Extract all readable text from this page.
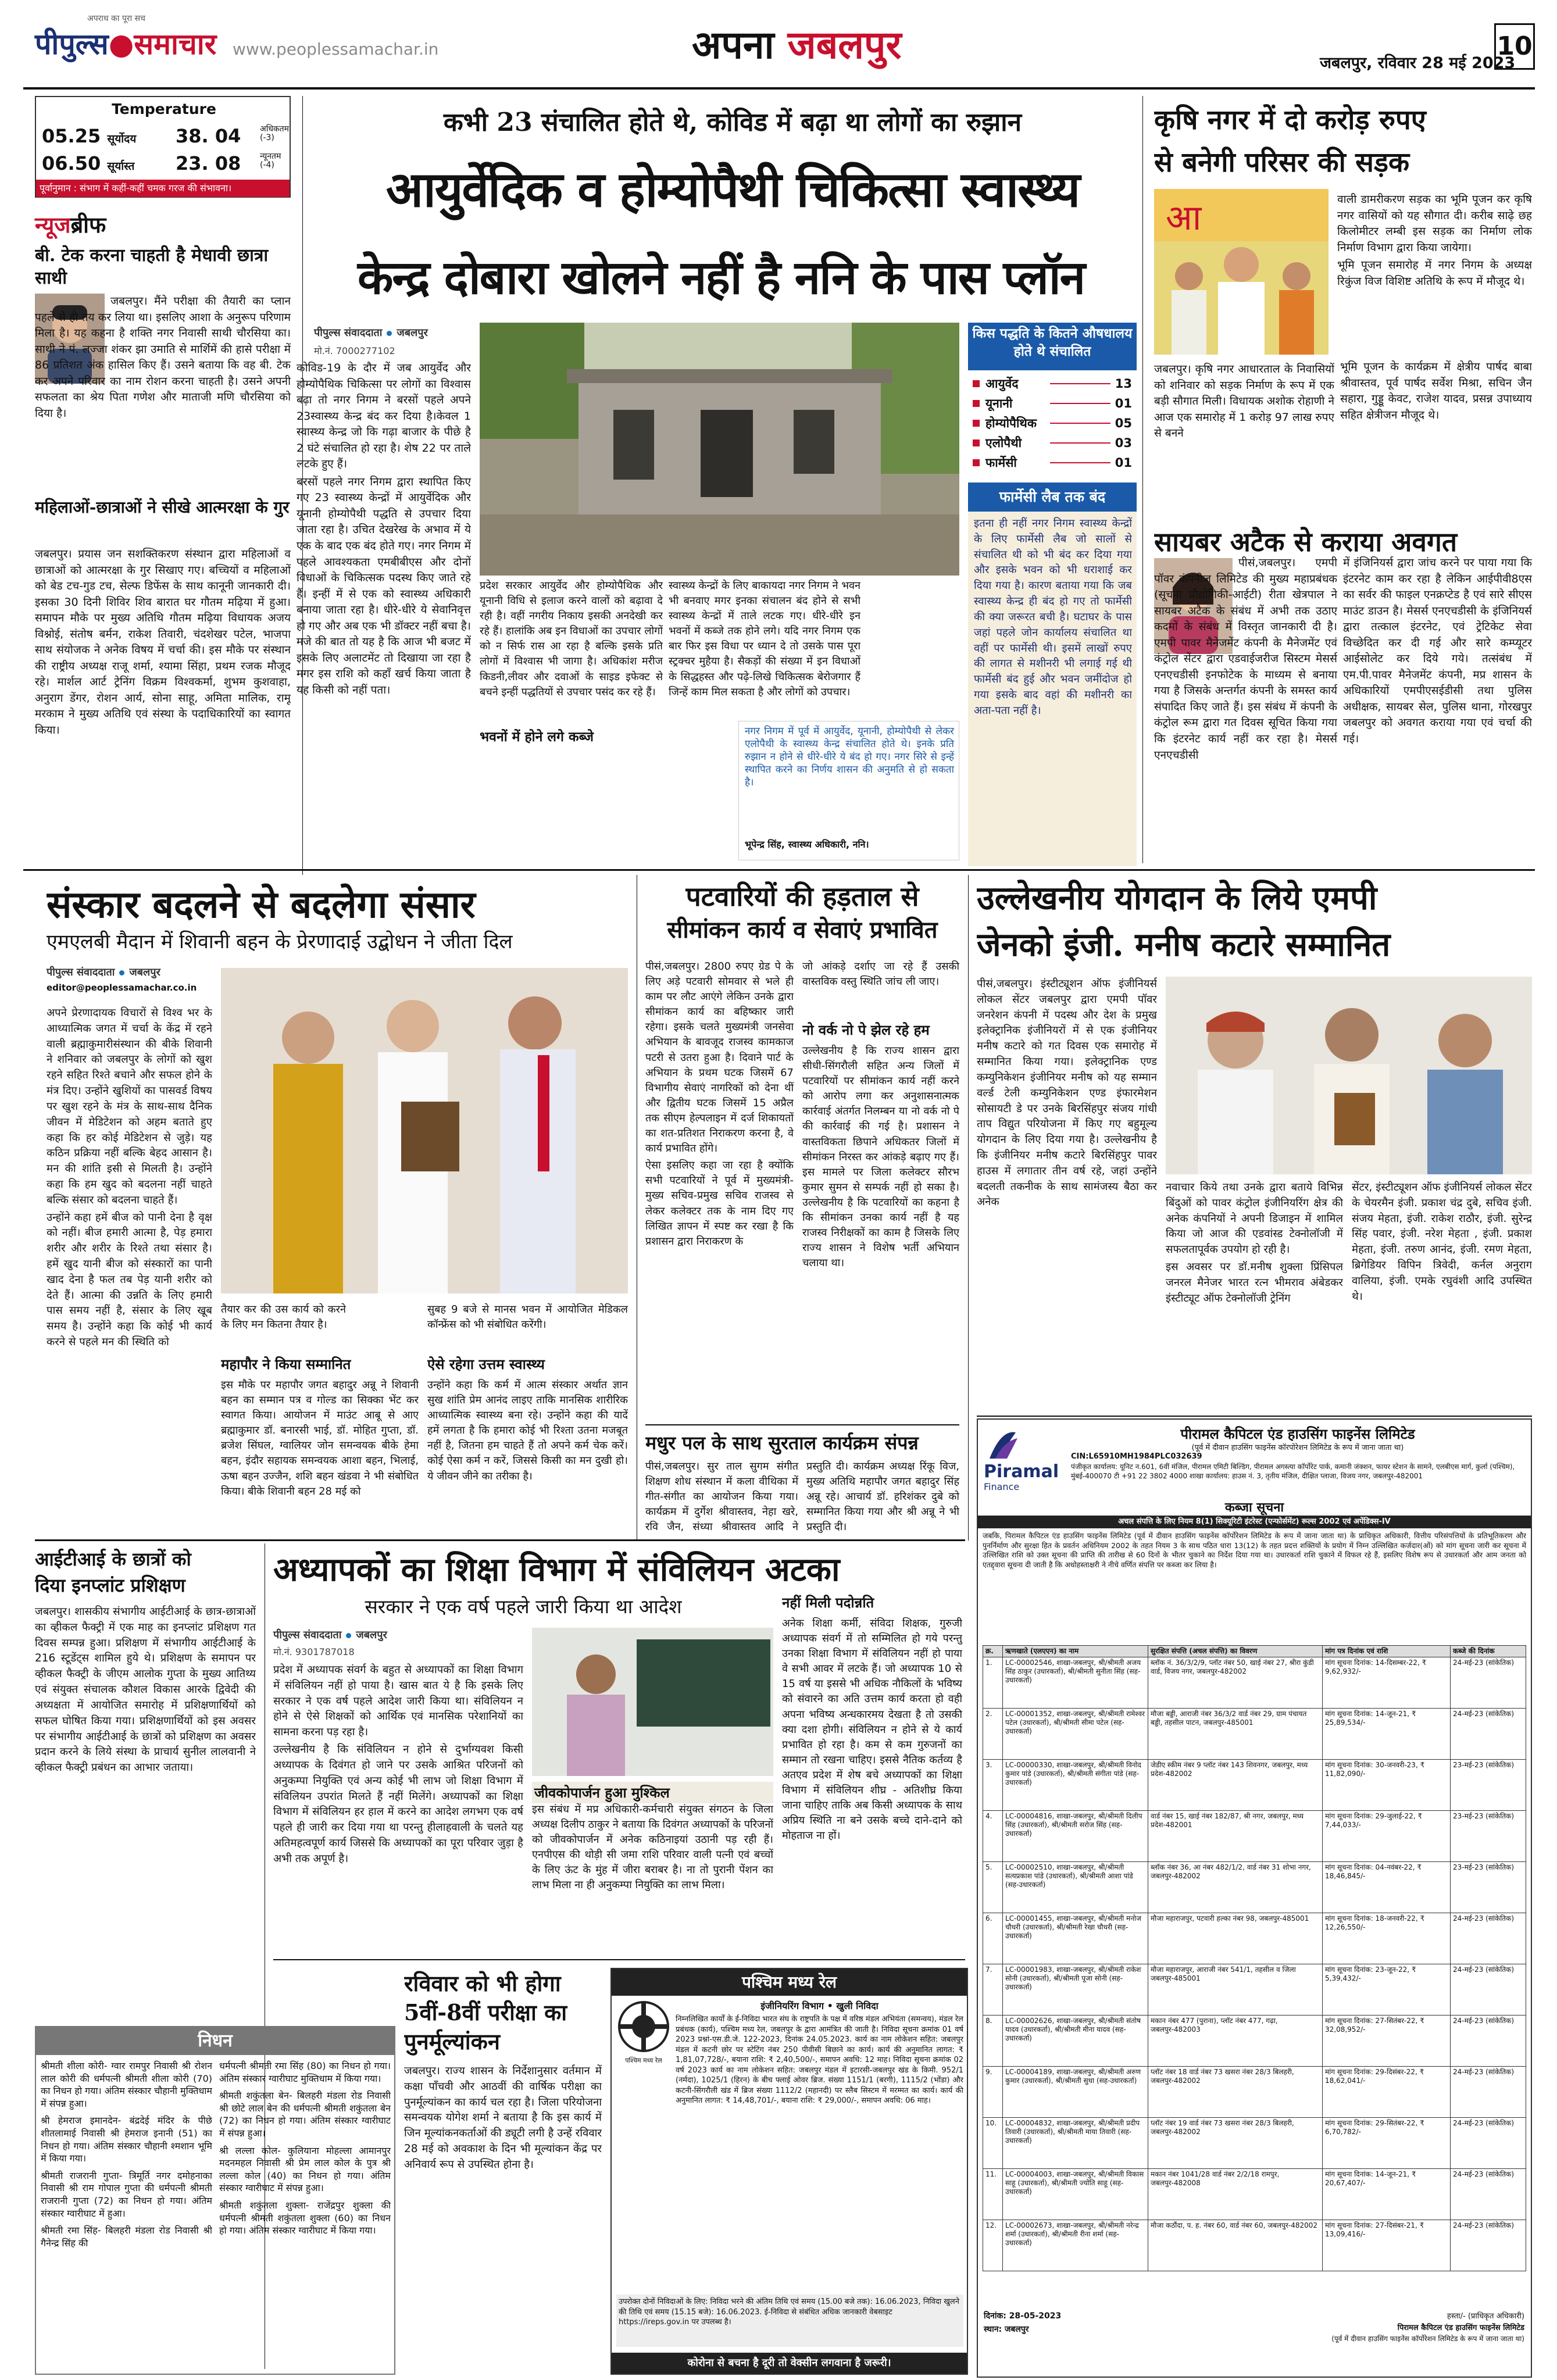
पीपुल्स●समाचार
अपराध का पूरा सच
www.peoplessamachar.in	अपना जबलपुर	जबलपुर, रविवार 28 मई 2023
10
Temperature
05.25 सूर्योदय
06.50 सूर्यास्त
38. 04 अधिकतम
(-3)
23. 08 न्यूनतम
(-4)
पूर्वानुमान : संभाग में कहीं-कहीं चमक गरज की संभावना।
न्यूजब्रीफ
बी. टेक करना चाहती है मेधावी छात्रा साथी

जबलपुर। मैंने परीक्षा की तैयारी का प्लान पहले से ही तय कर लिया था। इसलिए आशा के अनुरूप परिणाम मिला है। यह कहना है शक्ति नगर निवासी साथी चौरसिया का। साथी ने पं. लज्जा शंकर झा उमाति से मार्शिमें की हासे परीक्षा में 86 प्रतिशत अंक हासिल किए हैं। उसने बताया कि वह बी. टेक कर अपने परिवार का नाम रोशन करना चाहती है। उसने अपनी सफलता का श्रेय पिता गणेश और माताजी मणि चौरसिया को दिया है।

महिलाओं-छात्राओं ने सीखे आत्मरक्षा के गुर

जबलपुर। प्रयास जन सशक्तिकरण संस्थान द्वारा महिलाओं व छात्राओं को आत्मरक्षा के गुर सिखाए गए। बच्चियों व महिलाओं को बेड टच-गुड टच, सेल्फ डिफेंस के साथ कानूनी जानकारी दी। इसका 30 दिनी शिविर शिव बारात घर गौतम मढ़िया में हुआ। समापन मौके पर मुख्य अतिथि गौतम मढ़िया विधायक अजय विश्नोई, संतोष बर्मन, राकेश तिवारी, चंदशेखर पटेल, भाजपा साथ संयोजक ने अनेक विषय में चर्चा की। इस मौके पर संस्थान की राष्ट्रीय अध्यक्ष राजू शर्मा, श्यामा सिंहा, प्रथम रजक मौजूद रहे। मार्शल आर्ट ट्रेनिंग विक्रम विश्वकर्मा, शुभम कुशवाहा, अनुराग डेंगर, रोशन आर्य, सोना साहू, अमिता मालिक, रामू मरकाम ने मुख्य अतिथि एवं संस्था के पदाधिकारियों का स्वागत किया।

कभी 23 संचालित होते थे, कोविड में बढ़ा था लोगों का रुझान
आयुर्वेदिक व होम्योपैथी चिकित्सा स्वास्थ्य
केन्द्र दोबारा खोलने नहीं है ननि के पास प्लॉन
पीपुल्स संवाददाता जबलपुर
मो.नं. 7000277102

कोविड-19 के दौर में जब आयुर्वेद और होम्योपैथिक चिकित्सा पर लोगों का विश्वास बढ़ा तो नगर निगम ने बरसों पहले अपने 23स्वास्थ्य केन्द्र बंद कर दिया है।केवल 1 स्वास्थ्य केन्द्र जो कि गढ़ा बाजार के पीछे है 2 घंटे संचालित हो रहा है। शेष 22 पर ताले लटके हुए हैं।

बरसों पहले नगर निगम द्वारा स्थापित किए गए 23 स्वास्थ्य केन्द्रों में आयुर्वेदिक और यूनानी होम्योपैथी पद्धति से उपचार दिया जाता रहा है। उचित देखरेख के अभाव में ये एक के बाद एक बंद होते गए। नगर निगम में पहले आवश्यकता एमबीबीएस और दोनों विधाओं के चिकित्सक पदस्थ किए जाते रहे हैं। इन्हीं में से एक को स्वास्थ्य अधिकारी बनाया जाता रहा है। धीरे-धीरे ये सेवानिवृत्त हो गए और अब एक भी डॉक्टर नहीं बचा है। मजे की बात तो यह है कि आज भी बजट में इसके लिए अलाटमेंट तो दिखाया जा रहा है मगर इस राशि को कहाँ खर्च किया जाता है यह किसी को नहीं पता।

प्रदेश सरकार आयुर्वेद और होम्योपैथिक और यूनानी विधि से इलाज करने वालों को बढ़ावा दे रही है। वहीं नगरीय निकाय इसकी अनदेखी कर रहे हैं। हालांकि अब इन विधाओं का उपचार लोगों को न सिर्फ रास आ रहा है बल्कि इसके प्रति लोगों में विश्वास भी जागा है। अधिकांश मरीज किडनी,लीवर और दवाओं के साइड इफेक्ट से बचने इन्हीं पद्धतियों से उपचार पसंद कर रहे हैं।

भवनों में होने लगे कब्जे

स्वास्थ्य केन्द्रों के लिए बाकायदा नगर निगम ने भवन भी बनवाए मगर इनका संचालन बंद होने से सभी स्वास्थ्य केन्द्रों में ताले लटक गए। धीरे-धीरे इन भवनों में कब्जे तक होने लगे। यदि नगर निगम एक बार फिर इस विधा पर ध्यान दे तो उसके पास पूरा स्ट्रक्चर मुहैया है। सैकड़ों की संख्या में इन विधाओं के सिद्धहस्त और पढ़े-लिखे चिकित्सक बेरोजगार हैं जिन्हें काम मिल सकता है और लोगों को उपचार।

नगर निगम में पूर्व में आयुर्वेद, यूनानी, होम्योपैथी से लेकर एलोपैथी के स्वास्थ्य केन्द्र संचालित होते थे। इनके प्रति रुझान न होने से धीरे-धीरे ये बंद हो गए। नगर सिरे से इन्हें स्थापित करने का निर्णय शासन की अनुमति से हो सकता है।
भूपेन्द्र सिंह, स्वास्थ्य अधिकारी, ननि।
किस पद्धति के कितने औषधालय होते थे संचालित
आयुर्वेद	13
यूनानी	01
होम्योपैथिक	05
एलोपैथी	03
फार्मेसी	01
फार्मेसी लैब तक बंद

इतना ही नहीं नगर निगम स्वास्थ्य केन्द्रों के लिए फार्मेसी लैब जो सालों से संचालित थी को भी बंद कर दिया गया और इसके भवन को भी धराशाई कर दिया गया है। कारण बताया गया कि जब स्वास्थ्य केन्द्र ही बंद हो गए तो फार्मेसी की क्या जरूरत बची है। घटाघर के पास जहां पहले जोन कार्यालय संचालित था वहीं पर फार्मेसी थी। इसमें लाखों रुपए की लागत से मशीनरी भी लगाई गई थी फार्मेसी बंद हुई और भवन जमींदोज हो गया इसके बाद वहां की मशीनरी का अता-पता नहीं है।

कृषि नगर में दो करोड़ रुपए
से बनेगी परिसर की सड़क
आ	वाली डामरीकरण सड़क का भूमि पूजन कर कृषि नगर वासियों को यह सौगात दी। करीब साढ़े छह किलोमीटर लम्बी इस सड़क का निर्माण लोक निर्माण विभाग द्वारा किया जायेगा।

भूमि पूजन समारोह में नगर निगम के अध्यक्ष रिकुंज विज विशिष्ट अतिथि के रूप में मौजूद थे।

जबलपुर। कृषि नगर आधारताल के निवासियों को शनिवार को सड़क निर्माण के रूप में एक बड़ी सौगात मिली। विधायक अशोक रोहाणी ने आज एक समारोह में 1 करोड़ 97 लाख रुपए से बनने

भूमि पूजन के कार्यक्रम में क्षेत्रीय पार्षद बाबा श्रीवास्तव, पूर्व पार्षद सर्वेश मिश्रा, सचिन जैन सहारा, गुड्डू केवट, राजेश यादव, प्रसन्न उपाध्याय सहित क्षेत्रीजन मौजूद थे।

सायबर अटैक से कराया अवगत

पीसं,जबलपुर। एमपी पॉवर कंपनीज लिमिटेड की मुख्य महाप्रबंधक (सूचना प्रौद्योगिकी-आईटी) रीता खेत्रपाल ने सायबर अटैक के संबंध में अभी तक उठाए कदमों के संबंध में विस्तृत जानकारी दी है। एमपी पावर मैनेजमेंट कंपनी के मैनेजमेंट एवं कंट्रोल सेंटर द्वारा एडवाईजरीज सिस्टम मेसर्स एनएचडीसी इनफोटेक के माध्यम से बनाया गया है जिसके अन्तर्गत कंपनी के समस्त कार्य संपादित किए जाते हैं। इस संबंध में कंपनी के कंट्रोल रूम द्वारा गत दिवस सूचित किया गया कि इंटरनेट कार्य नहीं कर रहा है। मेसर्स एनएचडीसी

में इंजिनियर्स द्वारा जांच करने पर पाया गया कि इंटरनेट काम कर रहा है लेकिन आईपीवी8एस का सर्वर की फाइल एनक्रप्टेड है एवं सारे सीएस माउंट डाउन है। मेसर्स एनएचडीसी के इंजिनियर्स द्वारा तत्काल इंटरनेट, एवं ट्रेटिकेट सेवा विच्छेदित कर दी गई और सारे कम्प्यूटर आईसोलेट कर दिये गये। तत्संबंध में एम.पी.पावर मैनेजमेंट कंपनी, मप्र शासन के अधिकारियों एमपीएसईडीसी तथा पुलिस अधीक्षक, सायबर सेल, पुलिस थाना, गोरखपुर जबलपुर को अवगत कराया गया एवं चर्चा की गई।

संस्कार बदलने से बदलेगा संसार
एमएलबी मैदान में शिवानी बहन के प्रेरणादाई उद्बोधन ने जीता दिल
पीपुल्स संवाददाता जबलपुर
editor@peoplessamachar.co.in

अपने प्रेरणादायक विचारों से विश्व भर के आध्यात्मिक जगत में चर्चा के केंद्र में रहने वाली ब्रह्माकुमारीसंस्थान की बीके शिवानी ने शनिवार को जबलपुर के लोगों को खुश रहने सहित रिश्ते बचाने और सफल होने के मंत्र दिए। उन्होंने खुशियों का पासवर्ड विषय पर खुश रहने के मंत्र के साथ-साथ दैनिक जीवन में मेडिटेशन को अहम बताते हुए कहा कि हर कोई मेडिटेशन से जुड़े। यह कठिन प्रक्रिया नहीं बल्कि बेहद आसान है। मन की शांति इसी से मिलती है। उन्होंने कहा कि हम खुद को बदलना नहीं चाहते बल्कि संसार को बदलना चाहते हैं।

उन्होंने कहा हमें बीज को पानी देना है वृक्ष को नहीं। बीज हमारी आत्मा है, पेड़ हमारा शरीर और शरीर के रिश्ते तथा संसार है। हमें खुद यानी बीज को संस्कारों का पानी खाद देना है फल तब पेड़ यानी शरीर को देते हैं। आत्मा की उन्नति के लिए हमारी पास समय नहीं है, संसार के लिए खूब समय है। उन्होंने कहा कि कोई भी कार्य करने से पहले मन की स्थिति को

तैयार कर की उस कार्य को करने के लिए मन कितना तैयार है।

महापौर ने किया सम्मानित

इस मौके पर महापौर जगत बहादुर अन्नू ने शिवानी बहन का सम्मान पत्र व गोल्ड का सिक्का भेंट कर स्वागत किया। आयोजन में माउंट आबू से आए ब्रह्माकुमार डॉ. बनारसी भाई, डॉ. मोहित गुप्ता, डॉ. ब्रजेश सिंघल, ग्वालियर जोन समन्वयक बीके हेमा बहन, इंदौर सहायक समन्वयक आशा बहन, भिलाई, ऊषा बहन उज्जैन, शशि बहन खंडवा ने भी संबोधित किया। बीके शिवानी बहन 28 मई को

सुबह 9 बजे से मानस भवन में आयोजित मेडिकल कॉन्फ्रेंस को भी संबोधित करेंगी।

ऐसे रहेगा उत्तम स्वास्थ्य

उन्होंने कहा कि कर्म में आत्म संस्कार अर्थात ज्ञान सुख शांति प्रेम आनंद लाइए ताकि मानसिक शारीरिक आध्यात्मिक स्वास्थ्य बना रहे। उन्होंने कहा की यादें हमें लगता है कि हमारा कोई भी रिश्ता उतना मजबूत नहीं है, जितना हम चाहते हैं तो अपने कर्म चेक करें। कोई ऐसा कर्म न करें, जिससे किसी का मन दुखी हो। ये जीवन जीने का तरीका है।

पटवारियों की हड़ताल से
सीमांकन कार्य व सेवाएं प्रभावित

पीसं,जबलपुर। 2800 रुपए ग्रेड पे के लिए अड़े पटवारी सोमवार से भले ही काम पर लौट आएंगे लेकिन उनके द्वारा सीमांकन कार्य का बहिष्कार जारी रहेगा। इसके चलते मुख्यमंत्री जनसेवा अभियान के बावजूद राजस्व कामकाज पटरी से उतरा हुआ है। दिवाने पार्ट के अभियान के प्रथम घटक जिसमें 67 विभागीय सेवाएं नागरिकों को देना थीं और द्वितीय घटक जिसमें 15 अप्रैल तक सीएम हेल्पलाइन में दर्ज शिकायतों का शत-प्रतिशत निराकरण करना है, वे कार्य प्रभावित होंगे।

ऐसा इसलिए कहा जा रहा है क्योंकि सभी पटवारियों ने पूर्व में मुख्यमंत्री-मुख्य सचिव-प्रमुख सचिव राजस्व से लेकर कलेक्टर तक के नाम दिए गए लिखित ज्ञापन में स्पष्ट कर रखा है कि प्रशासन द्वारा निराकरण के

जो आंकड़े दर्शाए जा रहे हैं उसकी वास्तविक वस्तु स्थिति जांच ली जाए।

नो वर्क नो पे झेल रहे हम

उल्लेखनीय है कि राज्य शासन द्वारा सीधी-सिंगरौली सहित अन्य जिलों में पटवारियों पर सीमांकन कार्य नहीं करने को आरोप लगा कर अनुशासनात्मक कार्रवाई अंतर्गत निलम्बन या नो वर्क नो पे की कार्रवाई की गई है। प्रशासन ने वास्तविकता छिपाने अधिकतर जिलों में सीमांकन निरस्त कर आंकड़े बढ़ाए गए हैं। इस मामले पर जिला कलेक्टर सौरभ कुमार सुमन से सम्पर्क नहीं हो सका है। उल्लेखनीय है कि पटवारियों का कहना है कि सीमांकन उनका कार्य नहीं है यह राजस्व निरीक्षकों का काम है जिसके लिए राज्य शासन ने विशेष भर्ती अभियान चलाया था।

मधुर पल के साथ सुरताल कार्यक्रम संपन्न

पीसं,जबलपुर। सुर ताल सुगम संगीत शिक्षण शोध संस्थान में कला वीथिका में गीत-संगीत का आयोजन किया गया। कार्यक्रम में दुर्गेश श्रीवास्तव, नेहा खरे, रवि जैन, संध्या श्रीवास्तव आदि ने प्रस्तुति दी। कार्यक्रम अध्यक्ष रिंकू विज, मुख्य अतिथि महापौर जगत बहादुर सिंह अन्नू रहे। आचार्य डॉ. हरिशंकर दुबे को सम्मानित किया गया और श्री अन्नू ने भी प्रस्तुति दी।

उल्लेखनीय योगदान के लिये एमपी
जेनको इंजी. मनीष कटारे सम्मानित

पीसं,जबलपुर। इंस्टीट्यूशन ऑफ इंजीनियर्स लोकल सेंटर जबलपुर द्वारा एमपी पॉवर जनरेशन कंपनी में पदस्थ और देश के प्रमुख इलेक्ट्रानिक इंजीनियरों में से एक इंजीनियर मनीष कटारे को गत दिवस एक समारोह में सम्मानित किया गया। इलेक्ट्रानिक एण्ड कम्युनिकेशन इंजीनियर मनीष को यह सम्मान वर्ल्ड टेली कम्युनिकेशन एण्ड इंफारमेशन सोसायटी डे पर उनके बिरसिंहपुर संजय गांधी ताप विद्युत परियोजना में किए गए बहुमूल्य योगदान के लिए दिया गया है। उल्लेखनीय है कि इंजीनियर मनीष कटारे बिरसिंहपुर पावर हाउस में लगातार तीन वर्ष रहे, जहां उन्होंने बदलती तकनीक के साथ सामंजस्य बैठा कर अनेक

नवाचार किये तथा उनके द्वारा बताये विभिन्न बिंदुओं को पावर कंट्रोल इंजीनियरिंग क्षेत्र की अनेक कंपनियों ने अपनी डिजाइन में शामिल किया जो आज की एडवांस्ड टेक्नोलॉजी में सफलतापूर्वक उपयोग हो रही है।

इस अवसर पर डॉ.मनीष शुक्ला प्रिंसिपल जनरल मैनेजर भारत रत्न भीमराव अंबेडकर इंस्टीट्यूट ऑफ टेक्नोलॉजी ट्रेनिंग

सेंटर, इंस्टीट्यूशन ऑफ इंजीनियर्स लोकल सेंटर के चेयरमैन इंजी. प्रकाश चंद्र दुबे, सचिव इंजी. संजय मेहता, इंजी. राकेश राठौर, इंजी. सुरेन्द्र सिंह पवार, इंजी. नरेश मेहता , इंजी. प्रकाश मेहता, इंजी. तरुण आनंद, इंजी. रमण मेहता, ब्रिगेडियर विपिन त्रिवेदी, कर्नल अनुराग वालिया, इंजी. एमके रघुवंशी आदि उपस्थित थे।

Piramal
Finance
पीरामल कैपिटल एंड हाउसिंग फाइनेंस लिमिटेड
(पूर्व में दीवान हाउसिंग फाइनेंस कॉरपोरेशन लिमिटेड के रूप में जाना जाता था)
CIN:L65910MH1984PLC032639
पंजीकृत कार्यालय: यूनिट न.601, 6वीं मंजिल, पीरामल एमिटी बिल्डिंग, पीरामल अगस्त्या कॉर्पोरेट पार्क, कमानी जंक्शन, फायर स्टेशन के सामने, एलबीएस मार्ग, कुर्ला (पश्चिम), मुंबई-400070 टी +91 22 3802 4000 शाखा कार्यालय: हाउस नं. 3, तृतीय मंजिल, दीक्षित प्लाजा, विजय नगर, जबलपुर-482001
कब्जा सूचना
अचल संपत्ति के लिए नियम 8(1) सिक्यूरिटी इंटरेस्ट (एन्फोर्समेंट) रूल्स 2002 एवं अपेंडिक्स-IV
जबकि, पिरामल कैपिटल एंड हाउसिंग फाइनेंस लिमिटेड (पूर्व में दीवान हाउसिंग फाइनेंस कॉर्पोरेशन लिमिटेड के रूप में जाना जाता था) के प्राधिकृत अधिकारी, वित्तीय परिसंपत्तियों के प्रतिभूतिकरण और पुनर्निर्माण और सुरक्षा हित के प्रवर्तन अधिनियम 2002 के तहत नियम 3 के साथ पठित धारा 13(12) के तहत प्रदत्त शक्तियों के प्रयोग में निम्न उल्लिखित कर्जदार(ओं) को मांग सूचना जारी कर सूचना में उल्लिखित राशि को उक्त सूचना की प्राप्ति की तारीख से 60 दिनों के भीतर चुकाने का निर्देश दिया गया था। उधारकर्ता राशि चुकाने में विफल रहे हैं, इसलिए विशेष रूप से उधारकर्ता और आम जनता को एतद्द्वारा सूचना दी जाती है कि अधोहस्ताक्षरी ने नीचे वर्णित संपत्ति पर कब्जा कर लिया है।
क्र.	ऋणखाते (एलएएन) का नाम	सुरक्षित संपत्ति (अचल संपत्ति) का विवरण	मांग पत्र दिनांक एवं राशि	कब्जे की दिनांक
1.	LC-00002546, शाखा-जबलपुर, श्री/श्रीमती अजय सिंह ठाकुर (उधारकर्ता), श्री/श्रीमती सुनीता सिंह (सह-उधारकर्ता)	ब्लॉक नं. 36/3/2/9, प्लॉट नंबर 50, खाई नंबर 27, श्रीरा कुंडी वार्ड, विजय नगर, जबलपुर-482002	मांग सूचना दिनांक: 14-दिसम्बर-22, ₹ 9,62,932/-	24-मई-23 (सांकेतिक)
2.	LC-00001352, शाखा-जबलपुर, श्री/श्रीमती रामेश्वर पटेल (उधारकर्ता), श्री/श्रीमती सीमा पटेल (सह-उधारकर्ता)	मौजा बड्डी, आराजी नंबर 36/3/2 वार्ड नंबर 29, ग्राम पंचायत बड्डी, तहसील पाटन, जबलपुर-485001	मांग सूचना दिनांक: 14-जून-21, ₹ 25,89,534/-	24-मई-23 (सांकेतिक)
3.	LC-00000330, शाखा-जबलपुर, श्री/श्रीमती विनोद कुमार पांडे (उधारकर्ता), श्री/श्रीमती संगीता पांडे (सह-उधारकर्ता)	जेडीए स्कीम नंबर 9 प्लॉट नंबर 143 शिवनगर, जबलपुर, मध्य प्रदेश-482002	मांग सूचना दिनांक: 30-जनवरी-23, ₹ 11,82,090/-	23-मई-23 (सांकेतिक)
4.	LC-00004816, शाखा-जबलपुर, श्री/श्रीमती दिलीप सिंह (उधारकर्ता), श्री/श्रीमती सरोज सिंह (सह-उधारकर्ता)	वार्ड नंबर 15, खाई नंबर 182/87, श्री नगर, जबलपुर, मध्य प्रदेश-482001	मांग सूचना दिनांक: 29-जुलाई-22, ₹ 7,44,033/-	23-मई-23 (सांकेतिक)
5.	LC-00002510, शाखा-जबलपुर, श्री/श्रीमती सत्यप्रकाश पांडे (उधारकर्ता), श्री/श्रीमती आशा पांडे (सह-उधारकर्ता)	ब्लॉक नंबर 36, आ नंबर 482/1/2, वार्ड नंबर 31 शोभा नगर, जबलपुर-482002	मांग सूचना दिनांक: 04-नवंबर-22, ₹ 18,46,845/-	23-मई-23 (सांकेतिक)
6.	LC-00001455, शाखा-जबलपुर, श्री/श्रीमती मनोज चौधरी (उधारकर्ता), श्री/श्रीमती रेखा चौधरी (सह-उधारकर्ता)	मौजा महाराजपुर, पटवारी हल्का नंबर 98, जबलपुर-485001	मांग सूचना दिनांक: 18-जनवरी-22, ₹ 12,26,550/-	24-मई-23 (सांकेतिक)
7.	LC-00001983, शाखा-जबलपुर, श्री/श्रीमती राकेश सोनी (उधारकर्ता), श्री/श्रीमती पूजा सोनी (सह-उधारकर्ता)	मौजा महाराजपुर, आराजी नंबर 541/1, तहसील व जिला जबलपुर-485001	मांग सूचना दिनांक: 23-जून-22, ₹ 5,39,432/-	24-मई-23 (सांकेतिक)
8.	LC-00002626, शाखा-जबलपुर, श्री/श्रीमती संतोष यादव (उधारकर्ता), श्री/श्रीमती मीना यादव (सह-उधारकर्ता)	मकान नंबर 477 (पुराना), प्लॉट नंबर 477, गढ़ा, जबलपुर-482003	मांग सूचना दिनांक: 27-सितंबर-22, ₹ 32,08,952/-	24-मई-23 (सांकेतिक)
9.	LC-00004189, शाखा-जबलपुर, श्री/श्रीमती अरुण कुमार (उधारकर्ता), श्री/श्रीमती सुधा (सह-उधारकर्ता)	प्लॉट नंबर 18 वार्ड नंबर 73 खसरा नंबर 28/3 बिलहरी, जबलपुर-482002	मांग सूचना दिनांक: 29-दिसंबर-22, ₹ 18,62,041/-	24-मई-23 (सांकेतिक)
10.	LC-00004832, शाखा-जबलपुर, श्री/श्रीमती प्रदीप तिवारी (उधारकर्ता), श्री/श्रीमती माया तिवारी (सह-उधारकर्ता)	प्लॉट नंबर 19 वार्ड नंबर 73 खसरा नंबर 28/3 बिलहरी, जबलपुर-482002	मांग सूचना दिनांक: 29-सितंबर-22, ₹ 6,70,782/-	24-मई-23 (सांकेतिक)
11.	LC-00004003, शाखा-जबलपुर, श्री/श्रीमती विकास साहू (उधारकर्ता), श्री/श्रीमती ज्योति साहू (सह-उधारकर्ता)	मकान नंबर 1041/28 वार्ड नंबर 2/2/18 रामपुर, जबलपुर-482008	मांग सूचना दिनांक: 14-जून-21, ₹ 20,67,407/-	24-मई-23 (सांकेतिक)
12.	LC-00002673, शाखा-जबलपुर, श्री/श्रीमती नरेन्द्र शर्मा (उधारकर्ता), श्री/श्रीमती रीना शर्मा (सह-उधारकर्ता)	मौजा कठौंदा, प. ह. नंबर 60, वार्ड नंबर 60, जबलपुर-482002	मांग सूचना दिनांक: 27-दिसंबर-21, ₹ 13,09,416/-	24-मई-23 (सांकेतिक)
दिनांक: 28-05-2023
स्थान: जबलपुर
हस्ता/- (प्राधिकृत अधिकारी)
पिरामल कैपिटल एंड हाउसिंग फाइनेंस लिमिटेड
(पूर्व में दीवान हाउसिंग फाइनेंस कॉर्पोरेशन लिमिटेड के रूप में जाना जाता था)
आईटीआई के छात्रों को
दिया इनप्लांट प्रशिक्षण

जबलपुर। शासकीय संभागीय आईटीआई के छात्र-छात्राओं का व्हीकल फैक्ट्री में एक माह का इनप्लांट प्रशिक्षण गत दिवस सम्पन्न हुआ। प्रशिक्षण में संभागीय आईटीआई के 216 स्टूडेंट्स शामिल हुये थे। प्रशिक्षण के समापन पर व्हीकल फैक्ट्री के जीएम आलोक गुप्ता के मुख्य आतिथ्य एवं संयुक्त संचालक कौशल विकास आरके द्विवेदी की अध्यक्षता में आयोजित समारोह में प्रशिक्षणार्थियों को सफल घोषित किया गया। प्रशिक्षणार्थियों को इस अवसर पर संभागीय आईटीआई के छात्रों को प्रशिक्षण का अवसर प्रदान करने के लिये संस्था के प्राचार्य सुनील लालवानी ने व्हीकल फैक्ट्री प्रबंधन का आभार जताया।

अध्यापकों का शिक्षा विभाग में संविलियन अटका
सरकार ने एक वर्ष पहले जारी किया था आदेश
पीपुल्स संवाददाता जबलपुर
मो.नं. 9301787018

प्रदेश में अध्यापक संवर्ग के बहुत से अध्यापकों का शिक्षा विभाग में संविलियन नहीं हो पाया है। खास बात ये है कि इसके लिए सरकार ने एक वर्ष पहले आदेश जारी किया था। संविलियन न होने से ऐसे शिक्षकों को आर्थिक एवं मानसिक परेशानियों का सामना करना पड़ रहा है।

उल्लेखनीय है कि संविलियन न होने से दुर्भाग्यवश किसी अध्यापक के दिवंगत हो जाने पर उसके आश्रित परिजनों को अनुकम्पा नियुक्ति एवं अन्य कोई भी लाभ जो शिक्षा विभाग में संविलियन उपरांत मिलते हैं नहीं मिलेंगे। अध्यापकों का शिक्षा विभाग में संविलियन हर हाल में करने का आदेश लगभग एक वर्ष पहले ही जारी कर दिया गया था परन्तु हीलाहवाली के चलते यह अतिमहत्वपूर्ण कार्य जिससे कि अध्यापकों का पूरा परिवार जुड़ा है अभी तक अपूर्ण है।

जीवकोपार्जन हुआ मुश्किल

इस संबंध में मप्र अधिकारी-कर्मचारी संयुक्त संगठन के जिला अध्यक्ष दिलीप ठाकुर ने बताया कि दिवंगत अध्यापकों के परिजनों को जीवकोपार्जन में अनेक कठिनाइयां उठानी पड़ रही हैं। एनपीएस की थोड़ी सी जमा राशि परिवार वाली पत्नी एवं बच्चों के लिए ऊंट के मुंह में जीरा बराबर है। ना तो पुरानी पेंशन का लाभ मिला ना ही अनुकम्पा नियुक्ति का लाभ मिला।

नहीं मिली पदोन्नति

अनेक शिक्षा कर्मी, संविदा शिक्षक, गुरुजी अध्यापक संवर्ग में तो सम्मिलित हो गये परन्तु उनका शिक्षा विभाग में संविलियन नहीं हो पाया वे सभी आवर में लटके हैं। जो अध्यापक 10 से 15 वर्ष या इससे भी अधिक नौकिलों के भविष्य को संवारने का अति उत्तम कार्य करता हो वही अपना भविष्य अन्धकारमय देखता है तो उसकी क्या दशा होगी। संविलियन न होने से ये कार्य प्रभावित हो रहा है। कम से कम गुरुजनों का सम्मान तो रखना चाहिए। इससे नैतिक कर्तव्य है अतएव प्रदेश में शेष बचे अध्यापकों का शिक्षा विभाग में संविलियन शीघ्र - अतिशीघ्र किया जाना चाहिए ताकि अब किसी अध्यापक के साथ अप्रिय स्थिति ना बने उसके बच्चे दाने-दाने को मोहताज ना हों।

निधन

श्रीमती शीला कोरी- ग्वार रामपुर निवासी श्री रोशन लाल कोरी की धर्मपत्नी श्रीमती शीला कोरी (70) का निधन हो गया। अंतिम संस्कार चौहानी मुक्तिधाम में संपन्न हुआ।

श्री हेमराज इमानदेन- बंद्रदेई मंदिर के पीछे शीतलामाई निवासी श्री हेमराज इनानी (51) का निधन हो गया। अंतिम संस्कार चौहानी श्मशान भूमि में किया गया।

श्रीमती राजरानी गुप्ता- त्रिमूर्ति नगर दमोहनाका निवासी श्री राम गोपाल गुप्ता की धर्मपत्नी श्रीमती राजरानी गुप्ता (72) का निधन हो गया। अंतिम संस्कार ग्वारीघाट में हुआ।

श्रीमती रमा सिंह- बिलहरी मंडला रोड निवासी श्री गैनेन्द्र सिंह की

धर्मपत्नी श्रीमती रमा सिंह (80) का निधन हो गया। अंतिम संस्कार ग्वारीघाट मुक्तिधाम में किया गया।

श्रीमती शकुंतला बेन- बिलहरी मंडला रोड निवासी श्री छोटे लाल बेन की धर्मपत्नी श्रीमती शकुंतला बेन (72) का निधन हो गया। अंतिम संस्कार ग्वारीघाट में संपन्न हुआ।

श्री लल्ला कोल- कुलियाना मोहल्ला आमानपुर मदनमहल निवासी श्री प्रेम लाल कोल के पुत्र श्री लल्ला कोल (40) का निधन हो गया। अंतिम संस्कार ग्वारीघाट में संपन्न हुआ।

श्रीमती शकुंतला शुक्ला- राजेंद्रपुर शुक्ला की धर्मपत्नी श्रीमती शकुंतला शुक्ला (60) का निधन हो गया। अंतिम संस्कार ग्वारीघाट में किया गया।

रविवार को भी होगा
5वीं-8वीं परीक्षा का
पुनर्मूल्यांकन

जबलपुर। राज्य शासन के निर्देशानुसार वर्तमान में कक्षा पाँचवी और आठवीं की वार्षिक परीक्षा का पुनर्मूल्यांकन का कार्य चल रहा है। जिला परियोजना समन्वयक योगेश शर्मा ने बताया है कि इस कार्य में जिन मूल्यांकनकर्ताओं की ड्यूटी लगी है उन्हें रविवार 28 मई को अवकाश के दिन भी मूल्यांकन केंद्र पर अनिवार्य रूप से उपस्थित होना है।

पश्चिम मध्य रेल
इंजीनियरिंग विभाग • खुली निविदा
पश्चिम मध्य रेल
निम्नलिखित कार्यों के ई-निविदा भारत संघ के राष्ट्रपति के पक्ष में वरिष्ठ मंडल अभियंता (समन्वय), मंडल रेल प्रबंधक (कार्य), पश्चिम मध्य रेल, जबलपुर के द्वारा आमंत्रित की जाती है। निविदा सूचना क्रमांक 01 वर्ष 2023 प्रश्नां-एस.डी.जे. 122-2023, दिनांक 24.05.2023. कार्य का नाम लोकेशन सहित: जबलपुर मंडल में कटनी छोर पर स्टेटिंग नंबर 250 पीवीसी बिछाने का कार्य। कार्य की अनुमानित लागत: ₹ 1,81,07,728/-, बयाना राशि: ₹ 2,40,500/-, समापन अवधि: 12 माह। निविदा सूचना क्रमांक 02 वर्ष 2023 कार्य का नाम लोकेशन सहित: जबलपुर मंडल में इटारसी-जबलपुर खंड के किमी. 952/1 (नर्मदा), 1025/1 (हिरन) के बीच फ्लाई ओवर ब्रिज. संख्या 1151/1 (बरगी), 1115/2 (भोंडा) और कटनी-सिंगरौली खंड में ब्रिज संख्या 1112/2 (महानदी) पर स्लैब सिस्टम में मरम्मत का कार्य। कार्य की अनुमानित लागत: ₹ 14,48,701/-, बयाना राशि: ₹ 29,000/-, समापन अवधि: 06 माह।
उपरोक्त दोनों निविदाओं के लिए: निविदा भरने की अंतिम तिथि एवं समय (15.00 बजे तक): 16.06.2023, निविदा खुलने की तिथि एवं समय (15.15 बजे): 16.06.2023. ई-निविदा से संबंधित अधिक जानकारी वेबसाइट https://ireps.gov.in पर उपलब्ध है।
कोरोना से बचना है दूरी तो वेक्सीन लगवाना है जरूरी।
